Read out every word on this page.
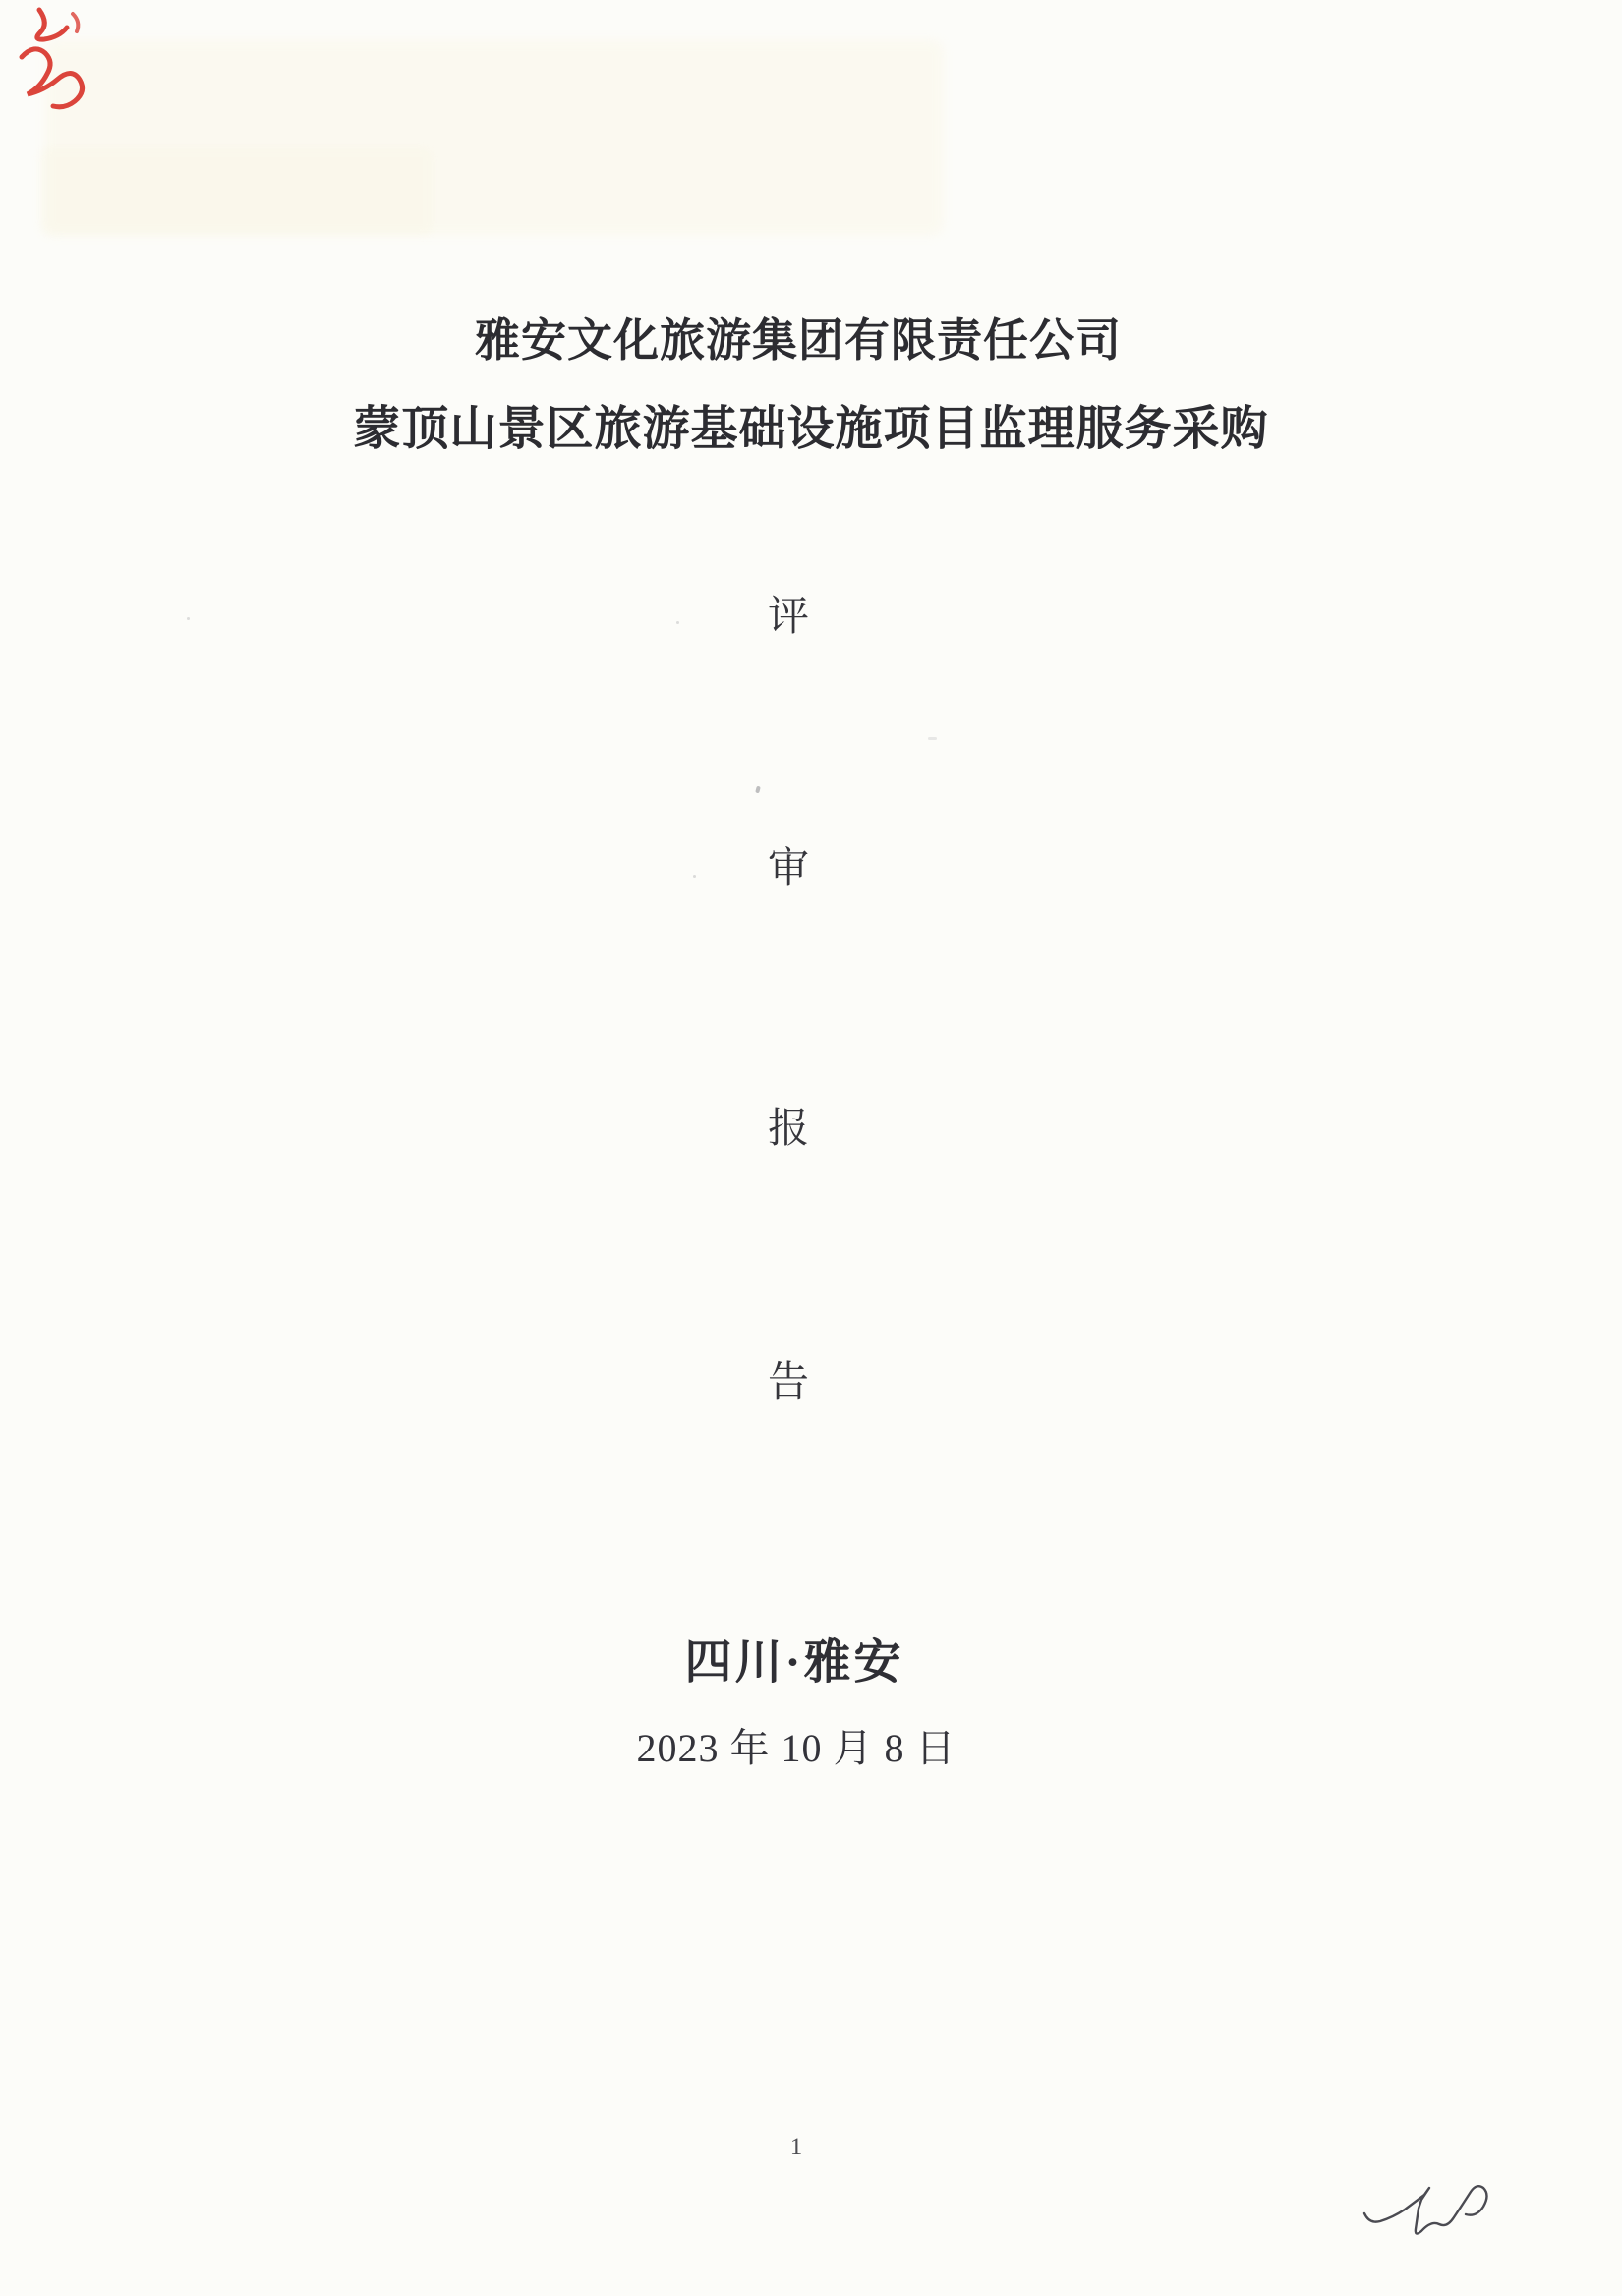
雅安文化旅游集团有限责任公司
蒙顶山景区旅游基础设施项目监理服务采购
评
审
报
告
四川·雅安
2023 年 10 月 8 日
1
